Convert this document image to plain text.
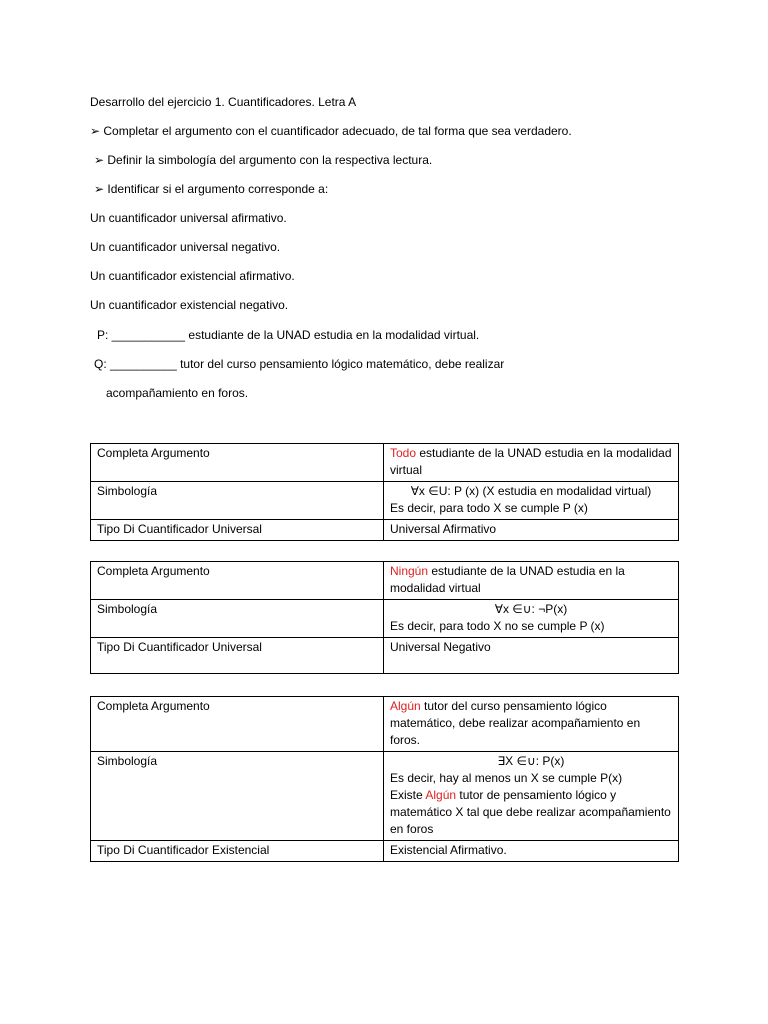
Desarrollo del ejercicio 1. Cuantificadores. Letra A
➢ Completar el argumento con el cuantificador adecuado, de tal forma que sea verdadero.
➢ Definir la simbología del argumento con la respectiva lectura.
➢ Identificar si el argumento corresponde a:
Un cuantificador universal afirmativo.
Un cuantificador universal negativo.
Un cuantificador existencial afirmativo.
Un cuantificador existencial negativo.
P: ___________ estudiante de la UNAD estudia en la modalidad virtual.
Q: __________ tutor del curso pensamiento lógico matemático, debe realizar
acompañamiento en foros.
Completa Argumento	Todo estudiante de la UNAD estudia en la modalidad virtual
Simbología	∀x ∈U: P (x) (X estudia en modalidad virtual)
Es decir, para todo X se cumple P (x)
Tipo Di Cuantificador Universal	Universal Afirmativo
Completa Argumento	Ningún estudiante de la UNAD estudia en la modalidad virtual
Simbología	∀x ∈∪: ¬P(x)
Es decir, para todo X no se cumple P (x)
Tipo Di Cuantificador Universal	Universal Negativo
Completa Argumento	Algún tutor del curso pensamiento lógico matemático, debe realizar acompañamiento en foros.
Simbología	∃X ∈∪: P(x)
Es decir, hay al menos un X se cumple P(x)
Existe Algún tutor de pensamiento lógico y matemático X tal que debe realizar acompañamiento en foros
Tipo Di Cuantificador Existencial	Existencial Afirmativo.
